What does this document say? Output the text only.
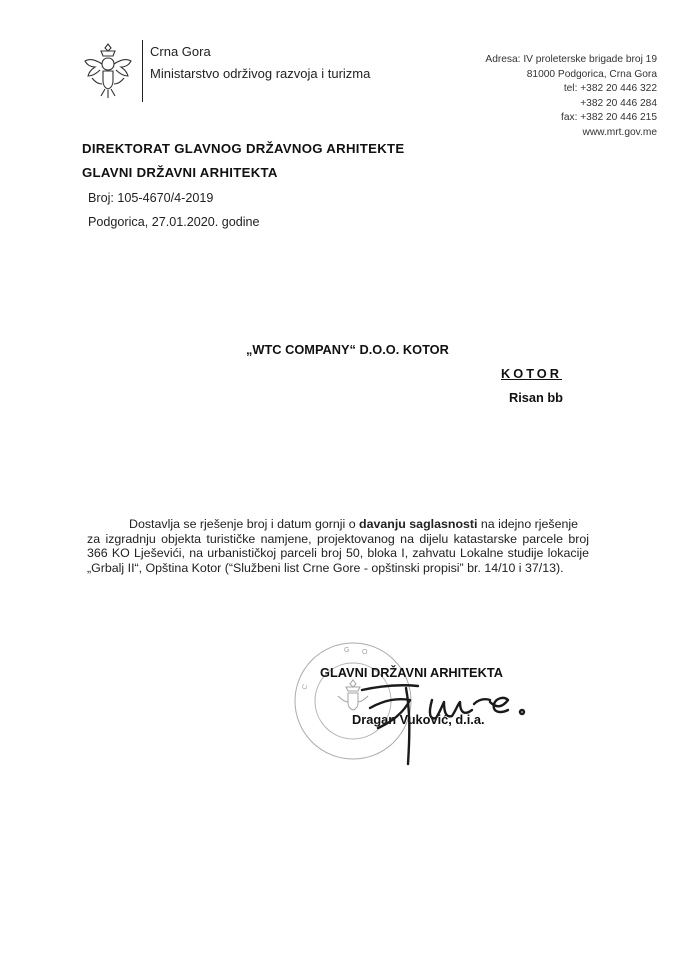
Crna Gora
Ministarstvo održivog razvoja i turizma
Adresa: IV proleterske brigade broj 19
81000 Podgorica, Crna Gora
tel: +382 20 446 322
+382 20 446 284
fax: +382 20 446 215
www.mrt.gov.me
DIREKTORAT GLAVNOG DRŽAVNOG ARHITEKTE
GLAVNI DRŽAVNI ARHITEKTA
Broj: 105-4670/4-2019
Podgorica, 27.01.2020. godine
„WTC COMPANY“ D.O.O. KOTOR
KOTOR
Risan bb
Dostavlja se rješenje broj i datum gornji o davanju saglasnosti na idejno rješenje
za izgradnju objekta turističke namjene, projektovanog na dijelu katastarske parcele broj
366 KO Lješevići, na urbanističkoj parceli broj 50, bloka I, zahvatu Lokalne studije lokacije
„Grbalj II“, Opština Kotor (“Službeni list Crne Gore - opštinski propisi” br. 14/10 i 37/13).
G O
C
GLAVNI DRŽAVNI ARHITEKTA
Dragan Vuković, d.i.a.
